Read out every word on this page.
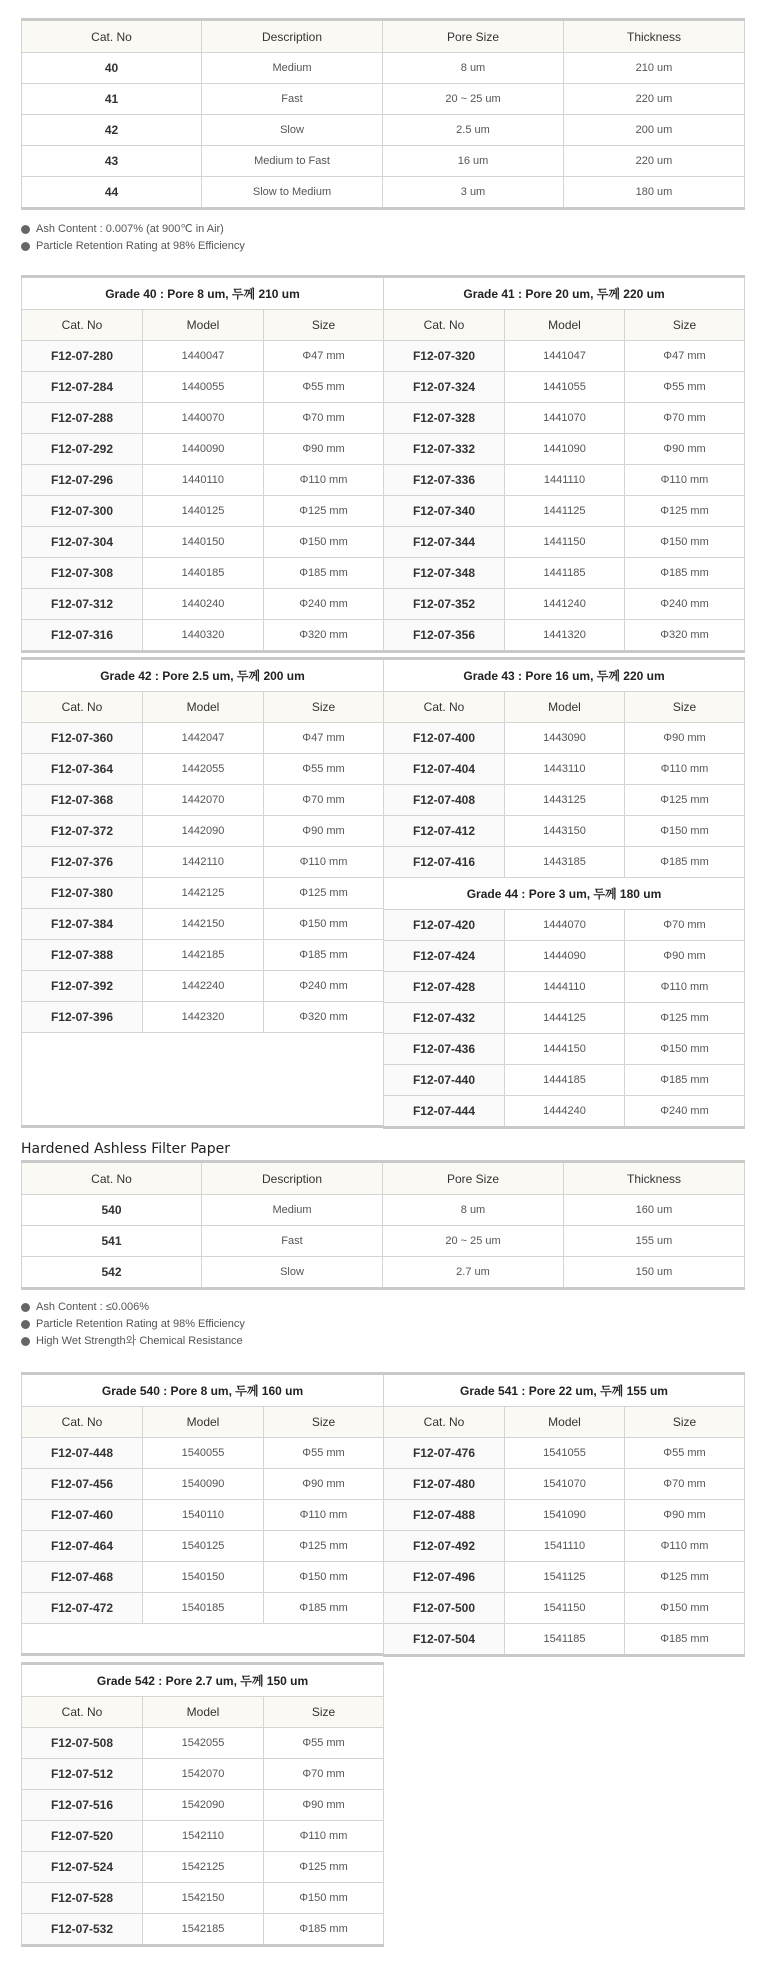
Cat. No	Description	Pore Size	Thickness
40	Medium	8 um	210 um
41	Fast	20 ~ 25 um	220 um
42	Slow	2.5 um	200 um
43	Medium to Fast	16 um	220 um
44	Slow to Medium	3 um	180 um
Ash Content : 0.007% (at 900℃ in Air)
Particle Retention Rating at 98% Efficiency
Grade 40 : Pore 8 um, 두께 210 um		
Cat. No	Model	Size
F12-07-280	1440047	Φ47 mm
F12-07-284	1440055	Φ55 mm
F12-07-288	1440070	Φ70 mm
F12-07-292	1440090	Φ90 mm
F12-07-296	1440110	Φ110 mm
F12-07-300	1440125	Φ125 mm
F12-07-304	1440150	Φ150 mm
F12-07-308	1440185	Φ185 mm
F12-07-312	1440240	Φ240 mm
F12-07-316	1440320	Φ320 mm
Grade 41 : Pore 20 um, 두께 220 um		
Cat. No	Model	Size
F12-07-320	1441047	Φ47 mm
F12-07-324	1441055	Φ55 mm
F12-07-328	1441070	Φ70 mm
F12-07-332	1441090	Φ90 mm
F12-07-336	1441110	Φ110 mm
F12-07-340	1441125	Φ125 mm
F12-07-344	1441150	Φ150 mm
F12-07-348	1441185	Φ185 mm
F12-07-352	1441240	Φ240 mm
F12-07-356	1441320	Φ320 mm
Grade 42 : Pore 2.5 um, 두께 200 um		
Cat. No	Model	Size
F12-07-360	1442047	Φ47 mm
F12-07-364	1442055	Φ55 mm
F12-07-368	1442070	Φ70 mm
F12-07-372	1442090	Φ90 mm
F12-07-376	1442110	Φ110 mm
F12-07-380	1442125	Φ125 mm
F12-07-384	1442150	Φ150 mm
F12-07-388	1442185	Φ185 mm
F12-07-392	1442240	Φ240 mm
F12-07-396	1442320	Φ320 mm

Grade 43 : Pore 16 um, 두께 220 um		
Cat. No	Model	Size
F12-07-400	1443090	Φ90 mm
F12-07-404	1443110	Φ110 mm
F12-07-408	1443125	Φ125 mm
F12-07-412	1443150	Φ150 mm
F12-07-416	1443185	Φ185 mm
Grade 44 : Pore 3 um, 두께 180 um		
F12-07-420	1444070	Φ70 mm
F12-07-424	1444090	Φ90 mm
F12-07-428	1444110	Φ110 mm
F12-07-432	1444125	Φ125 mm
F12-07-436	1444150	Φ150 mm
F12-07-440	1444185	Φ185 mm
F12-07-444	1444240	Φ240 mm
Hardened Ashless Filter Paper
Cat. No	Description	Pore Size	Thickness
540	Medium	8 um	160 um
541	Fast	20 ~ 25 um	155 um
542	Slow	2.7 um	150 um
Ash Content : ≤0.006%
Particle Retention Rating at 98% Efficiency
High Wet Strength와 Chemical Resistance
Grade 540 : Pore 8 um, 두께 160 um		
Cat. No	Model	Size
F12-07-448	1540055	Φ55 mm
F12-07-456	1540090	Φ90 mm
F12-07-460	1540110	Φ110 mm
F12-07-464	1540125	Φ125 mm
F12-07-468	1540150	Φ150 mm
F12-07-472	1540185	Φ185 mm

Grade 541 : Pore 22 um, 두께 155 um		
Cat. No	Model	Size
F12-07-476	1541055	Φ55 mm
F12-07-480	1541070	Φ70 mm
F12-07-488	1541090	Φ90 mm
F12-07-492	1541110	Φ110 mm
F12-07-496	1541125	Φ125 mm
F12-07-500	1541150	Φ150 mm
F12-07-504	1541185	Φ185 mm
Grade 542 : Pore 2.7 um, 두께 150 um		
Cat. No	Model	Size
F12-07-508	1542055	Φ55 mm
F12-07-512	1542070	Φ70 mm
F12-07-516	1542090	Φ90 mm
F12-07-520	1542110	Φ110 mm
F12-07-524	1542125	Φ125 mm
F12-07-528	1542150	Φ150 mm
F12-07-532	1542185	Φ185 mm
